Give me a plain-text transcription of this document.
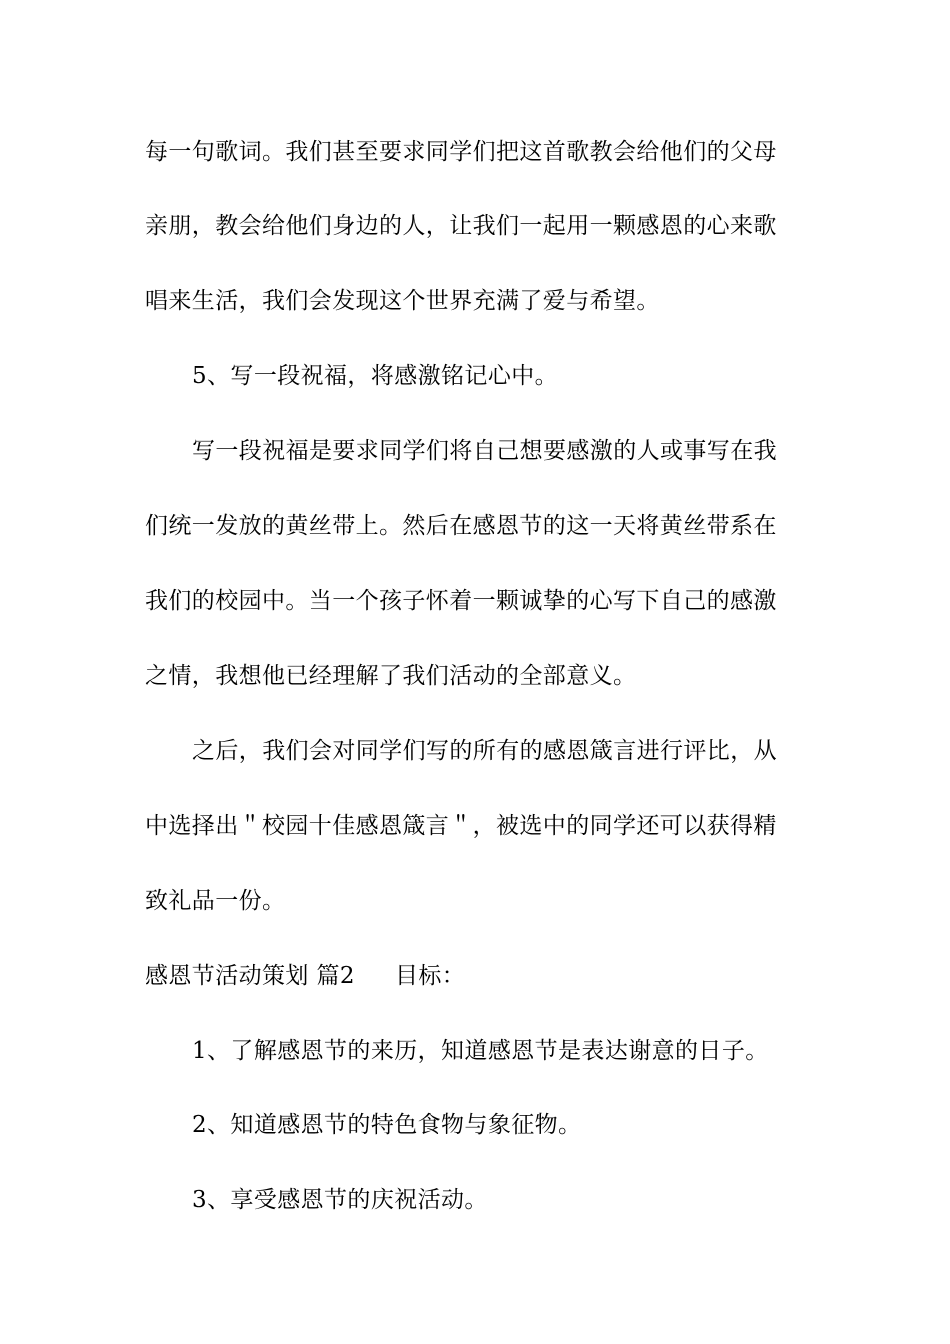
每一句歌词。我们甚至要求同学们把这首歌教会给他们的父母
亲朋，教会给他们身边的人，让我们一起用一颗感恩的心来歌
唱来生活，我们会发现这个世界充满了爱与希望。
5、写一段祝福，将感激铭记心中。
写一段祝福是要求同学们将自己想要感激的人或事写在我
们统一发放的黄丝带上。然后在感恩节的这一天将黄丝带系在
我们的校园中。当一个孩子怀着一颗诚挚的心写下自己的感激
之情，我想他已经理解了我们活动的全部意义。
之后，我们会对同学们写的所有的感恩箴言进行评比，从
中选择出＂校园十佳感恩箴言＂，被选中的同学还可以获得精
致礼品一份。
感恩节活动策划 篇2 目标：
1、了解感恩节的来历，知道感恩节是表达谢意的日子。
2、知道感恩节的特色食物与象征物。
3、享受感恩节的庆祝活动。
